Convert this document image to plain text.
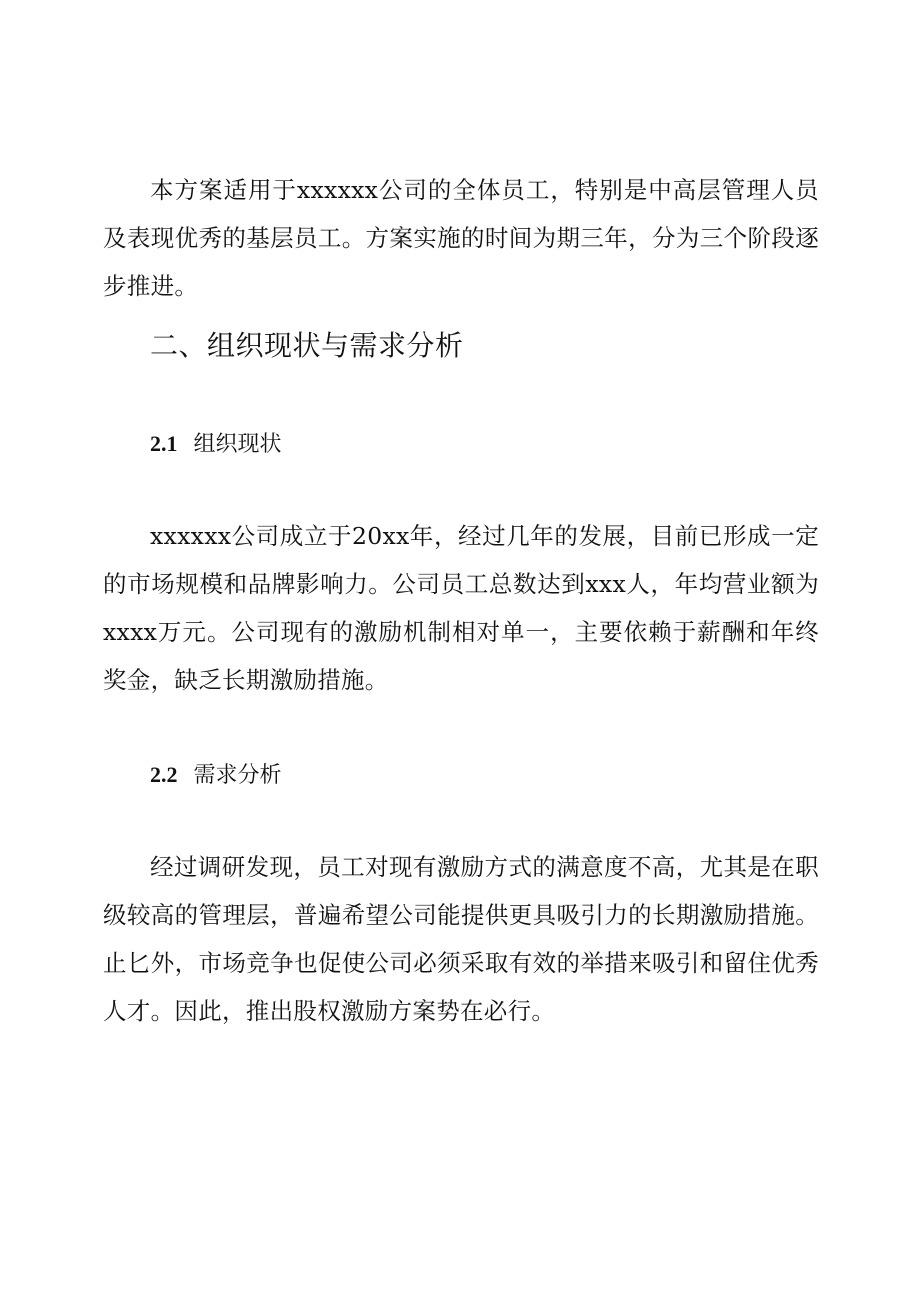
本方案适用于xxxxxx公司的全体员工，特别是中高层管理人员及表现优秀的基层员工。方案实施的时间为期三年，分为三个阶段逐步推进。

二、组织现状与需求分析
2.1 组织现状

xxxxxx公司成立于20xx年，经过几年的发展，目前已形成一定的市场规模和品牌影响力。公司员工总数达到xxx人，年均营业额为xxxx万元。公司现有的激励机制相对单一，主要依赖于薪酬和年终奖金，缺乏长期激励措施。

2.2 需求分析

经过调研发现，员工对现有激励方式的满意度不高，尤其是在职级较高的管理层，普遍希望公司能提供更具吸引力的长期激励措施。止匕外，市场竞争也促使公司必须采取有效的举措来吸引和留住优秀人才。因此，推出股权激励方案势在必行。
